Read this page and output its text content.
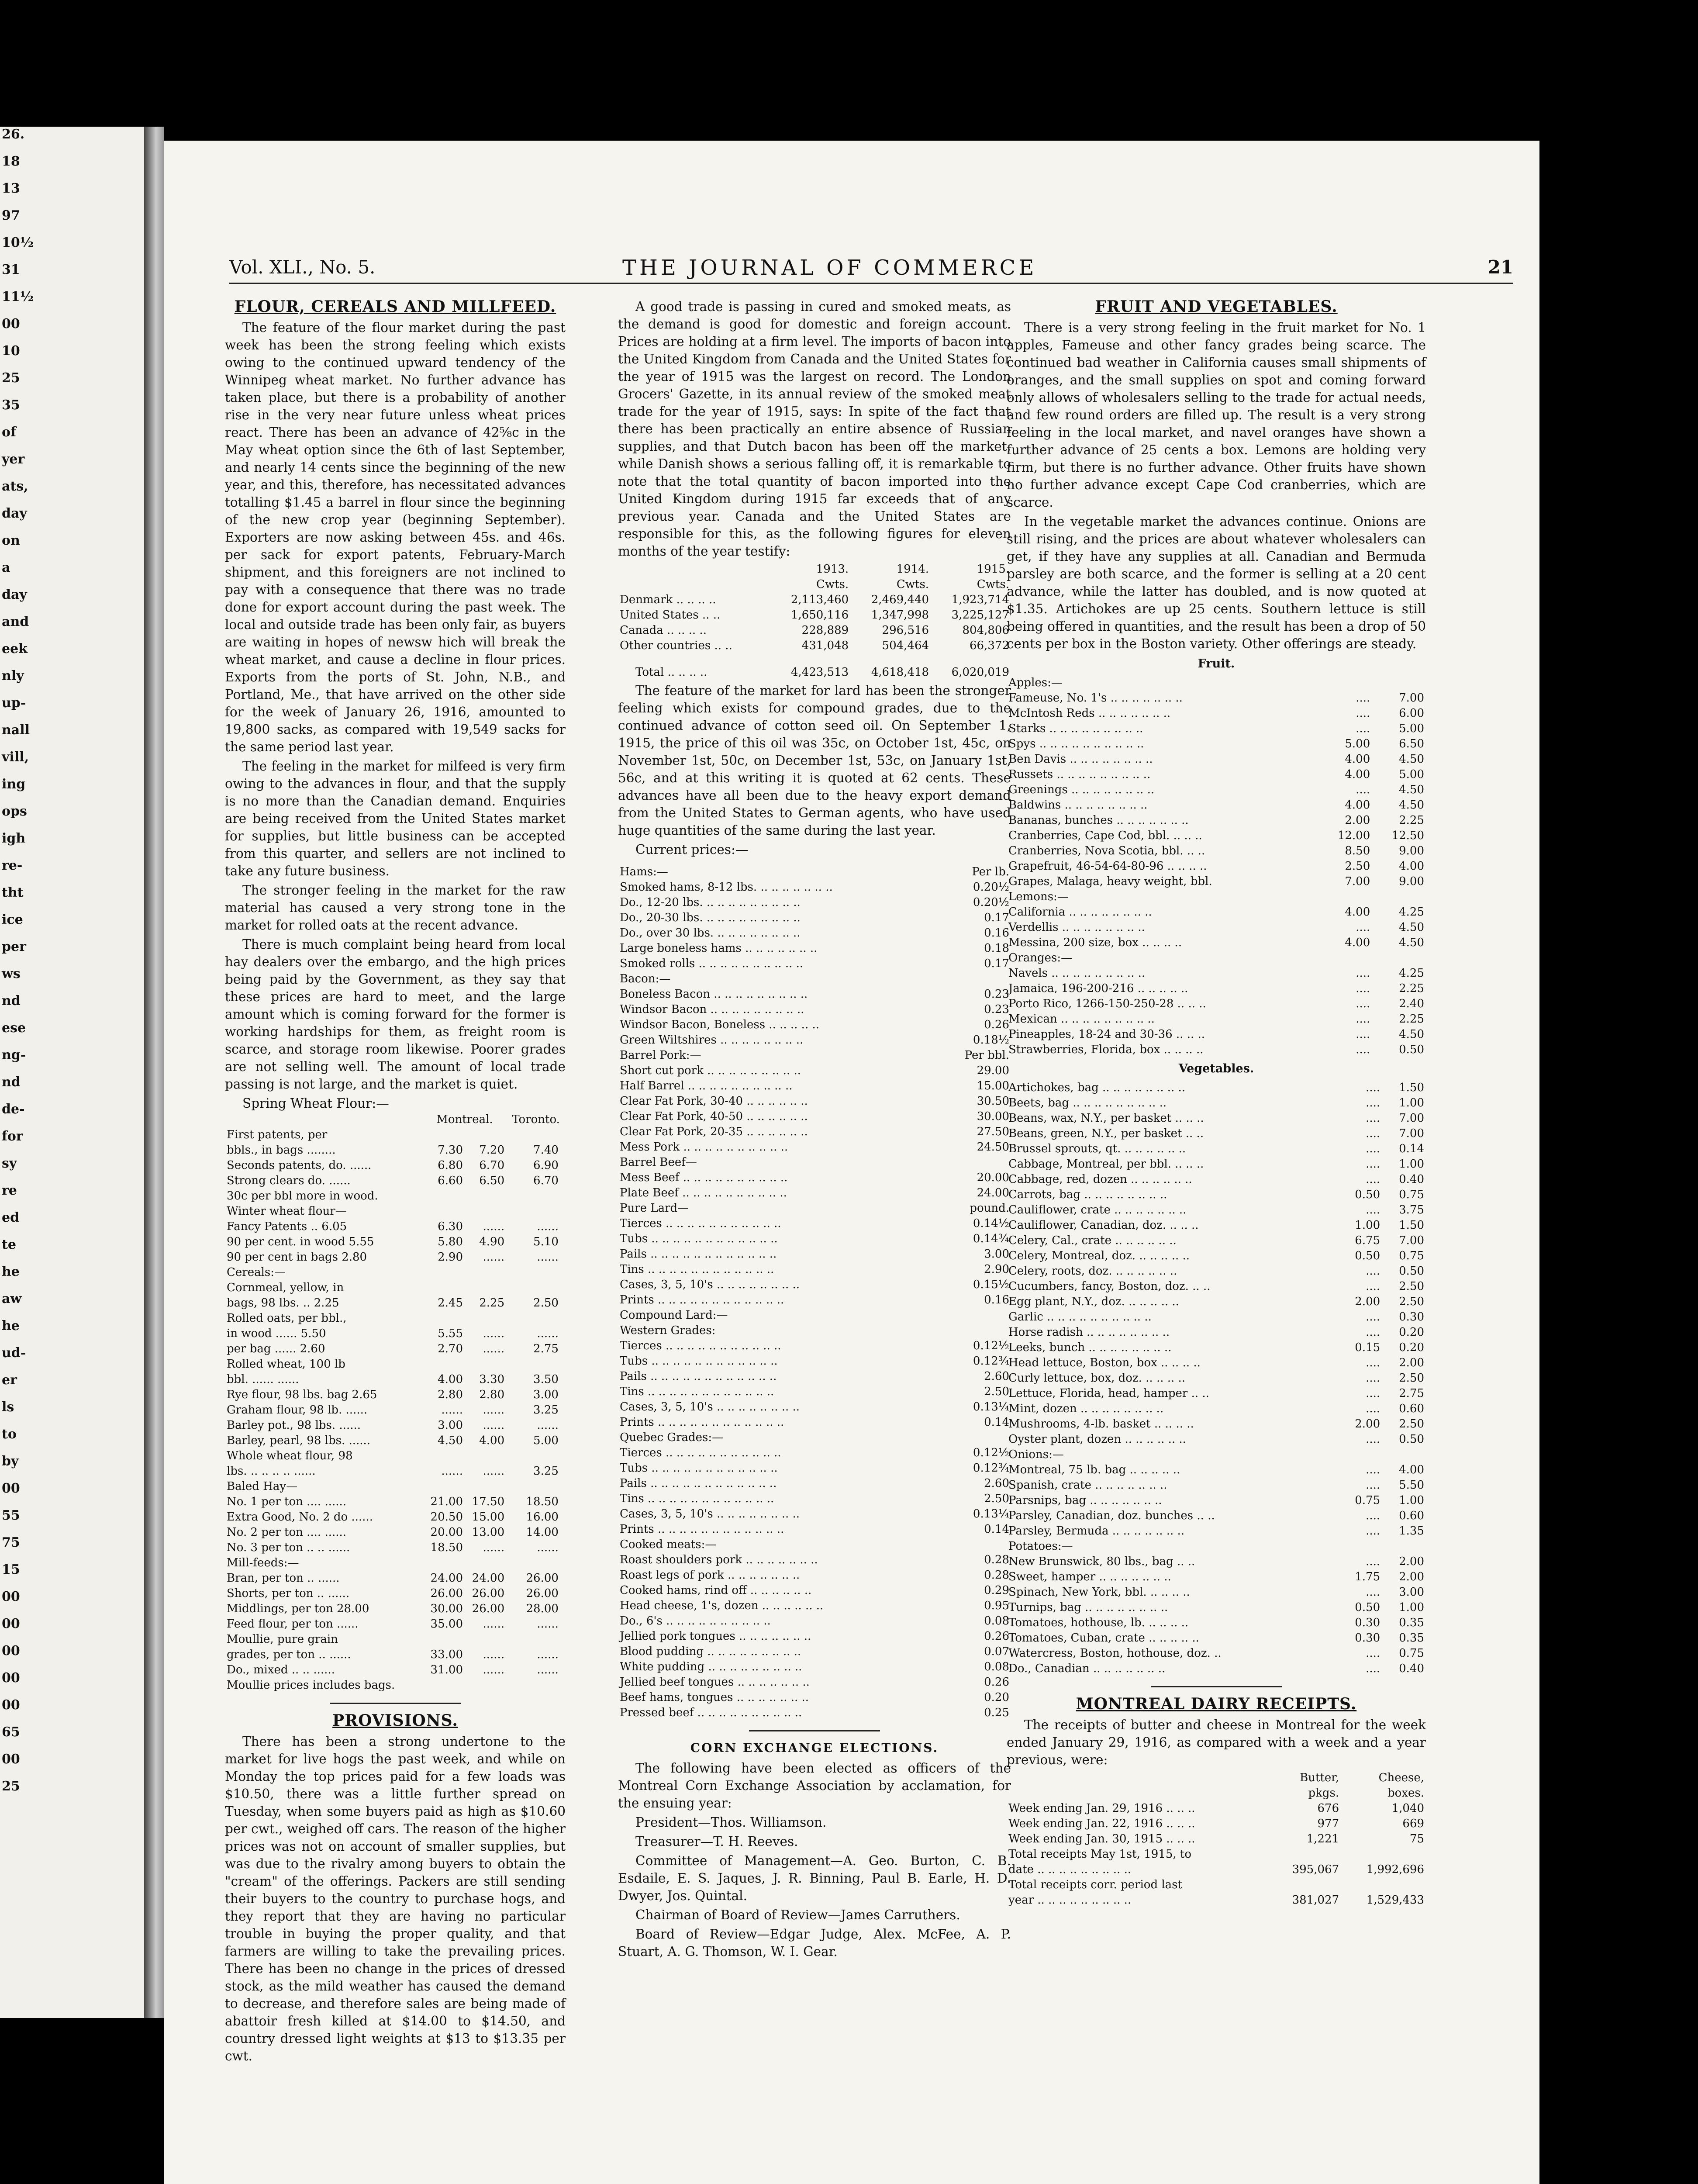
26.
18
13
97
10½
31
11½
00
10
25
35
of
yer
ats,
day
on
a
day
and
eek
nly
up-
nall
vill,
ing
ops
igh
re-
tht
ice
per
ws
nd
ese
ng-
nd
de-
for
sy
re
ed
te
he
aw
he
ud-
er
ls
to
by
00
55
75
15
00
00
00
00
00
65
00
25
Vol. XLI., No. 5.	THE JOURNAL OF COMMERCE	21
FLOUR, CEREALS AND MILLFEED.

The feature of the flour market during the past week has been the strong feeling which exists owing to the continued upward tendency of the Winnipeg wheat market. No further advance has taken place, but there is a probability of another rise in the very near future unless wheat prices react. There has been an advance of 42⅝c in the May wheat option since the 6th of last September, and nearly 14 cents since the beginning of the new year, and this, therefore, has necessitated advances totalling $1.45 a barrel in flour since the beginning of the new crop year (beginning September). Exporters are now asking between 45s. and 46s. per sack for export patents, February-March shipment, and this foreigners are not inclined to pay with a consequence that there was no trade done for export account during the past week. The local and outside trade has been only fair, as buyers are waiting in hopes of newsw hich will break the wheat market, and cause a decline in flour prices. Exports from the ports of St. John, N.B., and Portland, Me., that have arrived on the other side for the week of January 26, 1916, amounted to 19,800 sacks, as compared with 19,549 sacks for the same period last year.

The feeling in the market for milfeed is very firm owing to the advances in flour, and that the supply is no more than the Canadian demand. Enquiries are being received from the United States market for supplies, but little business can be accepted from this quarter, and sellers are not inclined to take any future business.

The stronger feeling in the market for the raw material has caused a very strong tone in the market for rolled oats at the recent advance.

There is much complaint being heard from local hay dealers over the embargo, and the high prices being paid by the Government, as they say that these prices are hard to meet, and the large amount which is coming forward for the former is working hardships for them, as freight room is scarce, and storage room likewise. Poorer grades are not selling well. The amount of local trade passing is not large, and the market is quiet.

Spring Wheat Flour:—
	Montreal.		Toronto.	
First patents, per				
bbls., in bags ........	7.30	7.20	7.40	
Seconds patents, do. ......	6.80	6.70	6.90	
Strong clears do. ......	6.60	6.50	6.70	
30c per bbl more in wood.				
Winter wheat flour—				
Fancy Patents .. 6.05	6.30	......	......	
90 per cent. in wood 5.55	5.80	4.90	5.10	
90 per cent in bags 2.80	2.90	......	......	
Cereals:—				
Cornmeal, yellow, in				
bags, 98 lbs. .. 2.25	2.45	2.25	2.50	
Rolled oats, per bbl.,				
in wood ...... 5.50	5.55	......	......	
per bag ...... 2.60	2.70	......	2.75	
Rolled wheat, 100 lb				
bbl. ...... ......	4.00	3.30	3.50	
Rye flour, 98 lbs. bag 2.65	2.80	2.80	3.00	
Graham flour, 98 lb. ......	......	......	3.25	
Barley pot., 98 lbs. ......	3.00	......	......	
Barley, pearl, 98 lbs. ......	4.50	4.00	5.00	
Whole wheat flour, 98				
lbs. .. .. .. .. ......	......	......	3.25	
Baled Hay—				
No. 1 per ton .... ......	21.00	17.50	18.50	
Extra Good, No. 2 do ......	20.50	15.00	16.00	
No. 2 per ton .... ......	20.00	13.00	14.00	
No. 3 per ton .. .. ......	18.50	......	......	
Mill-feeds:—				
Bran, per ton .. ......	24.00	24.00	26.00	
Shorts, per ton .. ......	26.00	26.00	26.00	
Middlings, per ton 28.00	30.00	26.00	28.00	
Feed flour, per ton ......	35.00	......	......	
Moullie, pure grain				
grades, per ton .. ......	33.00	......	......	
Do., mixed .. .. ......	31.00	......	......	
Moullie prices includes bags.				
PROVISIONS.

There has been a strong undertone to the market for live hogs the past week, and while on Monday the top prices paid for a few loads was $10.50, there was a little further spread on Tuesday, when some buyers paid as high as $10.60 per cwt., weighed off cars. The reason of the higher prices was not on account of smaller supplies, but was due to the rivalry among buyers to obtain the "cream" of the offerings. Packers are still sending their buyers to the country to purchase hogs, and they report that they are having no particular trouble in buying the proper quality, and that farmers are willing to take the prevailing prices. There has been no change in the prices of dressed stock, as the mild weather has caused the demand to decrease, and therefore sales are being made of abattoir fresh killed at $14.00 to $14.50, and country dressed light weights at $13 to $13.35 per cwt.

A good trade is passing in cured and smoked meats, as the demand is good for domestic and foreign account. Prices are holding at a firm level. The imports of bacon into the United Kingdom from Canada and the United States for the year of 1915 was the largest on record. The London Grocers' Gazette, in its annual review of the smoked meat trade for the year of 1915, says: In spite of the fact that there has been practically an entire absence of Russian supplies, and that Dutch bacon has been off the market, while Danish shows a serious falling off, it is remarkable to note that the total quantity of bacon imported into the United Kingdom during 1915 far exceeds that of any previous year. Canada and the United States are responsible for this, as the following figures for eleven months of the year testify:

	1913.	1914.	1915.
	Cwts.	Cwts.	Cwts.
Denmark .. .. .. ..	2,113,460	2,469,440	1,923,714
United States .. ..	1,650,116	1,347,998	3,225,127
Canada .. .. .. ..	228,889	296,516	804,806
Other countries .. ..	431,048	504,464	66,372

Total .. .. .. ..	4,423,513	4,618,418	6,020,019

The feature of the market for lard has been the stronger feeling which exists for compound grades, due to the continued advance of cotton seed oil. On September 1, 1915, the price of this oil was 35c, on October 1st, 45c, on November 1st, 50c, on December 1st, 53c, on January 1st, 56c, and at this writing it is quoted at 62 cents. These advances have all been due to the heavy export demand from the United States to German agents, who have used huge quantities of the same during the last year.

Current prices:—
Hams:—	Per lb.
Smoked hams, 8-12 lbs. .. .. .. .. .. .. ..	0.20½
Do., 12-20 lbs. .. .. .. .. .. .. .. .. ..	0.20½
Do., 20-30 lbs. .. .. .. .. .. .. .. .. ..	0.17
Do., over 30 lbs. .. .. .. .. .. .. .. ..	0.16
Large boneless hams .. .. .. .. .. .. ..	0.18
Smoked rolls .. .. .. .. .. .. .. .. .. ..	0.17
Bacon:—	
Boneless Bacon .. .. .. .. .. .. .. .. ..	0.23
Windsor Bacon .. .. .. .. .. .. .. .. ..	0.23
Windsor Bacon, Boneless .. .. .. .. ..	0.26
Green Wiltshires .. .. .. .. .. .. .. ..	0.18½
Barrel Pork:—	Per bbl.
Short cut pork .. .. .. .. .. .. .. .. ..	29.00
Half Barrel .. .. .. .. .. .. .. .. .. ..	15.00
Clear Fat Pork, 30-40 .. .. .. .. .. ..	30.50
Clear Fat Pork, 40-50 .. .. .. .. .. ..	30.00
Clear Fat Pork, 20-35 .. .. .. .. .. ..	27.50
Mess Pork .. .. .. .. .. .. .. .. .. ..	24.50
Barrel Beef—	
Mess Beef .. .. .. .. .. .. .. .. .. ..	20.00
Plate Beef .. .. .. .. .. .. .. .. .. ..	24.00
Pure Lard—	pound.
Tierces .. .. .. .. .. .. .. .. .. .. ..	0.14½
Tubs .. .. .. .. .. .. .. .. .. .. .. ..	0.14¾
Pails .. .. .. .. .. .. .. .. .. .. .. ..	3.00
Tins .. .. .. .. .. .. .. .. .. .. .. ..	2.90
Cases, 3, 5, 10's .. .. .. .. .. .. .. ..	0.15½
Prints .. .. .. .. .. .. .. .. .. .. .. ..	0.16
Compound Lard:—	
Western Grades:	
Tierces .. .. .. .. .. .. .. .. .. .. ..	0.12½
Tubs .. .. .. .. .. .. .. .. .. .. .. ..	0.12¾
Pails .. .. .. .. .. .. .. .. .. .. .. ..	2.60
Tins .. .. .. .. .. .. .. .. .. .. .. ..	2.50
Cases, 3, 5, 10's .. .. .. .. .. .. .. ..	0.13¼
Prints .. .. .. .. .. .. .. .. .. .. .. ..	0.14
Quebec Grades:—	
Tierces .. .. .. .. .. .. .. .. .. .. ..	0.12½
Tubs .. .. .. .. .. .. .. .. .. .. .. ..	0.12¾
Pails .. .. .. .. .. .. .. .. .. .. .. ..	2.60
Tins .. .. .. .. .. .. .. .. .. .. .. ..	2.50
Cases, 3, 5, 10's .. .. .. .. .. .. .. ..	0.13¼
Prints .. .. .. .. .. .. .. .. .. .. .. ..	0.14
Cooked meats:—	
Roast shoulders pork .. .. .. .. .. .. ..	0.28
Roast legs of pork .. .. .. .. .. .. ..	0.28
Cooked hams, rind off .. .. .. .. .. ..	0.29
Head cheese, 1's, dozen .. .. .. .. .. ..	0.95
Do., 6's .. .. .. .. .. .. .. .. .. ..	0.08
Jellied pork tongues .. .. .. .. .. .. ..	0.26
Blood pudding .. .. .. .. .. .. .. .. ..	0.07
White pudding .. .. .. .. .. .. .. .. ..	0.08
Jellied beef tongues .. .. .. .. .. .. ..	0.26
Beef hams, tongues .. .. .. .. .. .. ..	0.20
Pressed beef .. .. .. .. .. .. .. .. .. ..	0.25
CORN EXCHANGE ELECTIONS.

The following have been elected as officers of the Montreal Corn Exchange Association by acclamation, for the ensuing year:

President—Thos. Williamson.

Treasurer—T. H. Reeves.

Committee of Management—A. Geo. Burton, C. B. Esdaile, E. S. Jaques, J. R. Binning, Paul B. Earle, H. D. Dwyer, Jos. Quintal.

Chairman of Board of Review—James Carruthers.

Board of Review—Edgar Judge, Alex. McFee, A. P. Stuart, A. G. Thomson, W. I. Gear.

FRUIT AND VEGETABLES.

There is a very strong feeling in the fruit market for No. 1 apples, Fameuse and other fancy grades being scarce. The continued bad weather in California causes small shipments of oranges, and the small supplies on spot and coming forward only allows of wholesalers selling to the trade for actual needs, and few round orders are filled up. The result is a very strong feeling in the local market, and navel oranges have shown a further advance of 25 cents a box. Lemons are holding very firm, but there is no further advance. Other fruits have shown no further advance except Cape Cod cranberries, which are scarce.

In the vegetable market the advances continue. Onions are still rising, and the prices are about whatever wholesalers can get, if they have any supplies at all. Canadian and Bermuda parsley are both scarce, and the former is selling at a 20 cent advance, while the latter has doubled, and is now quoted at $1.35. Artichokes are up 25 cents. Southern lettuce is still being offered in quantities, and the result has been a drop of 50 cents per box in the Boston variety. Other offerings are steady.

Fruit.
Apples:—		
Fameuse, No. 1's .. .. .. .. .. .. ..	....	7.00
McIntosh Reds .. .. .. .. .. .. ..	....	6.00
Starks .. .. .. .. .. .. .. .. ..	....	5.00
Spys .. .. .. .. .. .. .. .. .. ..	5.00	6.50
Ben Davis .. .. .. .. .. .. .. ..	4.00	4.50
Russets .. .. .. .. .. .. .. .. ..	4.00	5.00
Greenings .. .. .. .. .. .. .. ..	....	4.50
Baldwins .. .. .. .. .. .. .. ..	4.00	4.50
Bananas, bunches .. .. .. .. .. .. ..	2.00	2.25
Cranberries, Cape Cod, bbl. .. .. ..	12.00	12.50
Cranberries, Nova Scotia, bbl. .. ..	8.50	9.00
Grapefruit, 46-54-64-80-96 .. .. .. ..	2.50	4.00
Grapes, Malaga, heavy weight, bbl.	7.00	9.00
Lemons:—		
California .. .. .. .. .. .. .. ..	4.00	4.25
Verdellis .. .. .. .. .. .. .. ..	....	4.50
Messina, 200 size, box .. .. .. ..	4.00	4.50
Oranges:—		
Navels .. .. .. .. .. .. .. .. ..	....	4.25
Jamaica, 196-200-216 .. .. .. .. ..	....	2.25
Porto Rico, 1266-150-250-28 .. .. ..	....	2.40
Mexican .. .. .. .. .. .. .. .. ..	....	2.25
Pineapples, 18-24 and 30-36 .. .. ..	....	4.50
Strawberries, Florida, box .. .. .. ..	....	0.50
Vegetables.
Artichokes, bag .. .. .. .. .. .. .. ..	....	1.50
Beets, bag .. .. .. .. .. .. .. .. ..	....	1.00
Beans, wax, N.Y., per basket .. .. ..	....	7.00
Beans, green, N.Y., per basket .. ..	....	7.00
Brussel sprouts, qt. .. .. .. .. .. ..	....	0.14
Cabbage, Montreal, per bbl. .. .. ..	....	1.00
Cabbage, red, dozen .. .. .. .. .. ..	....	0.40
Carrots, bag .. .. .. .. .. .. .. ..	0.50	0.75
Cauliflower, crate .. .. .. .. .. .. ..	....	3.75
Cauliflower, Canadian, doz. .. .. ..	1.00	1.50
Celery, Cal., crate .. .. .. .. .. ..	6.75	7.00
Celery, Montreal, doz. .. .. .. .. ..	0.50	0.75
Celery, roots, doz. .. .. .. .. .. ..	....	0.50
Cucumbers, fancy, Boston, doz. .. ..	....	2.50
Egg plant, N.Y., doz. .. .. .. .. ..	2.00	2.50
Garlic .. .. .. .. .. .. .. .. .. ..	....	0.30
Horse radish .. .. .. .. .. .. .. ..	....	0.20
Leeks, bunch .. .. .. .. .. .. .. ..	0.15	0.20
Head lettuce, Boston, box .. .. .. ..	....	2.00
Curly lettuce, box, doz. .. .. .. ..	....	2.50
Lettuce, Florida, head, hamper .. ..	....	2.75
Mint, dozen .. .. .. .. .. .. .. ..	....	0.60
Mushrooms, 4-lb. basket .. .. .. ..	2.00	2.50
Oyster plant, dozen .. .. .. .. .. ..	....	0.50
Onions:—		
Montreal, 75 lb. bag .. .. .. .. ..	....	4.00
Spanish, crate .. .. .. .. .. .. ..	....	5.50
Parsnips, bag .. .. .. .. .. .. ..	0.75	1.00
Parsley, Canadian, doz. bunches .. ..	....	0.60
Parsley, Bermuda .. .. .. .. .. .. ..	....	1.35
Potatoes:—		
New Brunswick, 80 lbs., bag .. ..	....	2.00
Sweet, hamper .. .. .. .. .. .. ..	1.75	2.00
Spinach, New York, bbl. .. .. .. ..	....	3.00
Turnips, bag .. .. .. .. .. .. .. ..	0.50	1.00
Tomatoes, hothouse, lb. .. .. .. ..	0.30	0.35
Tomatoes, Cuban, crate .. .. .. .. ..	0.30	0.35
Watercress, Boston, hothouse, doz. ..	....	0.75
Do., Canadian .. .. .. .. .. .. ..	....	0.40
MONTREAL DAIRY RECEIPTS.

The receipts of butter and cheese in Montreal for the week ended January 29, 1916, as compared with a week and a year previous, were:

	Butter,	Cheese,
	pkgs.	boxes.
Week ending Jan. 29, 1916 .. .. ..	676	1,040
Week ending Jan. 22, 1916 .. .. ..	977	669
Week ending Jan. 30, 1915 .. .. ..	1,221	75
Total receipts May 1st, 1915, to		
date .. .. .. .. .. .. .. .. ..	395,067	1,992,696
Total receipts corr. period last		
year .. .. .. .. .. .. .. .. ..	381,027	1,529,433
